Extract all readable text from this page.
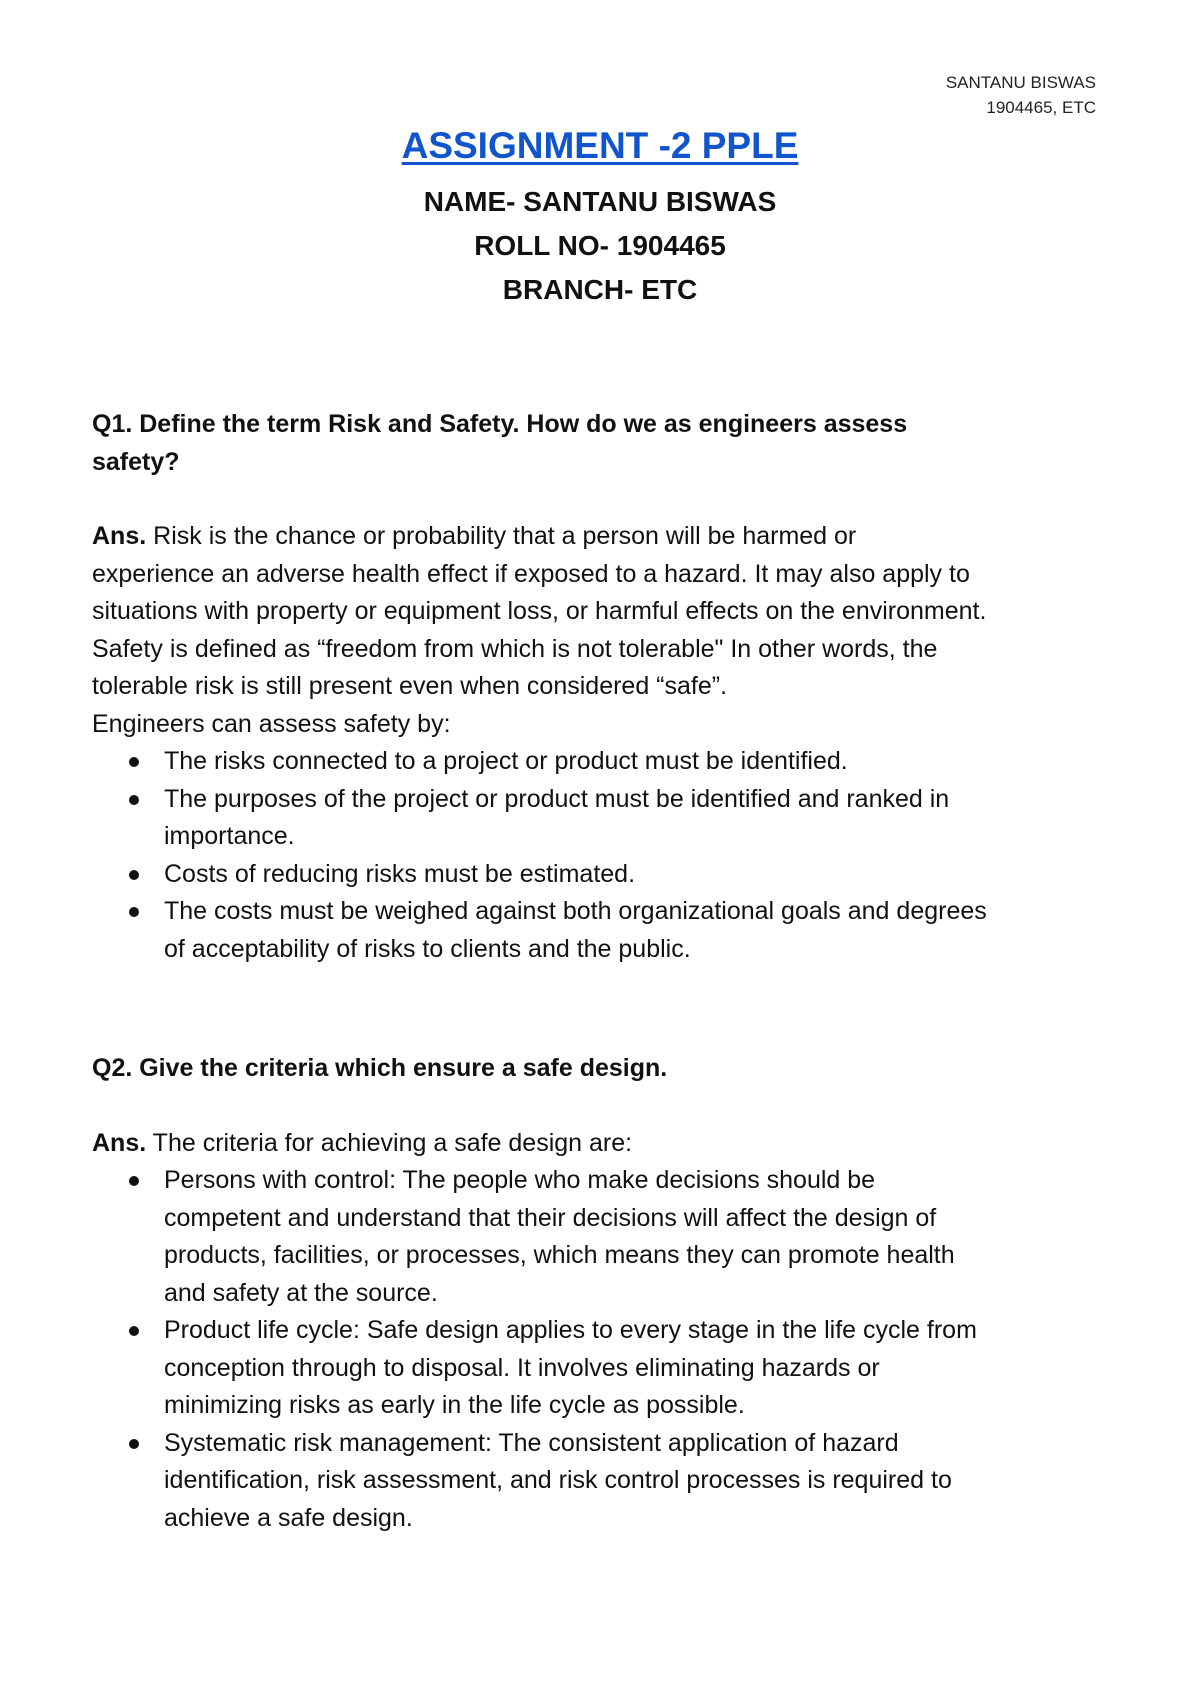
SANTANU BISWAS
1904465, ETC
ASSIGNMENT -2 PPLE
NAME- SANTANU BISWAS
ROLL NO- 1904465
BRANCH- ETC
Q1. Define the term Risk and Safety. How do we as engineers assess
safety?
Ans. Risk is the chance or probability that a person will be harmed or
experience an adverse health effect if exposed to a hazard. It may also apply to
situations with property or equipment loss, or harmful effects on the environment.
Safety is defined as “freedom from which is not tolerable" In other words, the
tolerable risk is still present even when considered “safe”.
Engineers can assess safety by:
The risks connected to a project or product must be identified.
The purposes of the project or product must be identified and ranked in
importance.
Costs of reducing risks must be estimated.
The costs must be weighed against both organizational goals and degrees
of acceptability of risks to clients and the public.
Q2. Give the criteria which ensure a safe design.
Ans. The criteria for achieving a safe design are:
Persons with control: The people who make decisions should be
competent and understand that their decisions will affect the design of
products, facilities, or processes, which means they can promote health
and safety at the source.
Product life cycle: Safe design applies to every stage in the life cycle from
conception through to disposal. It involves eliminating hazards or
minimizing risks as early in the life cycle as possible.
Systematic risk management: The consistent application of hazard
identification, risk assessment, and risk control processes is required to
achieve a safe design.
